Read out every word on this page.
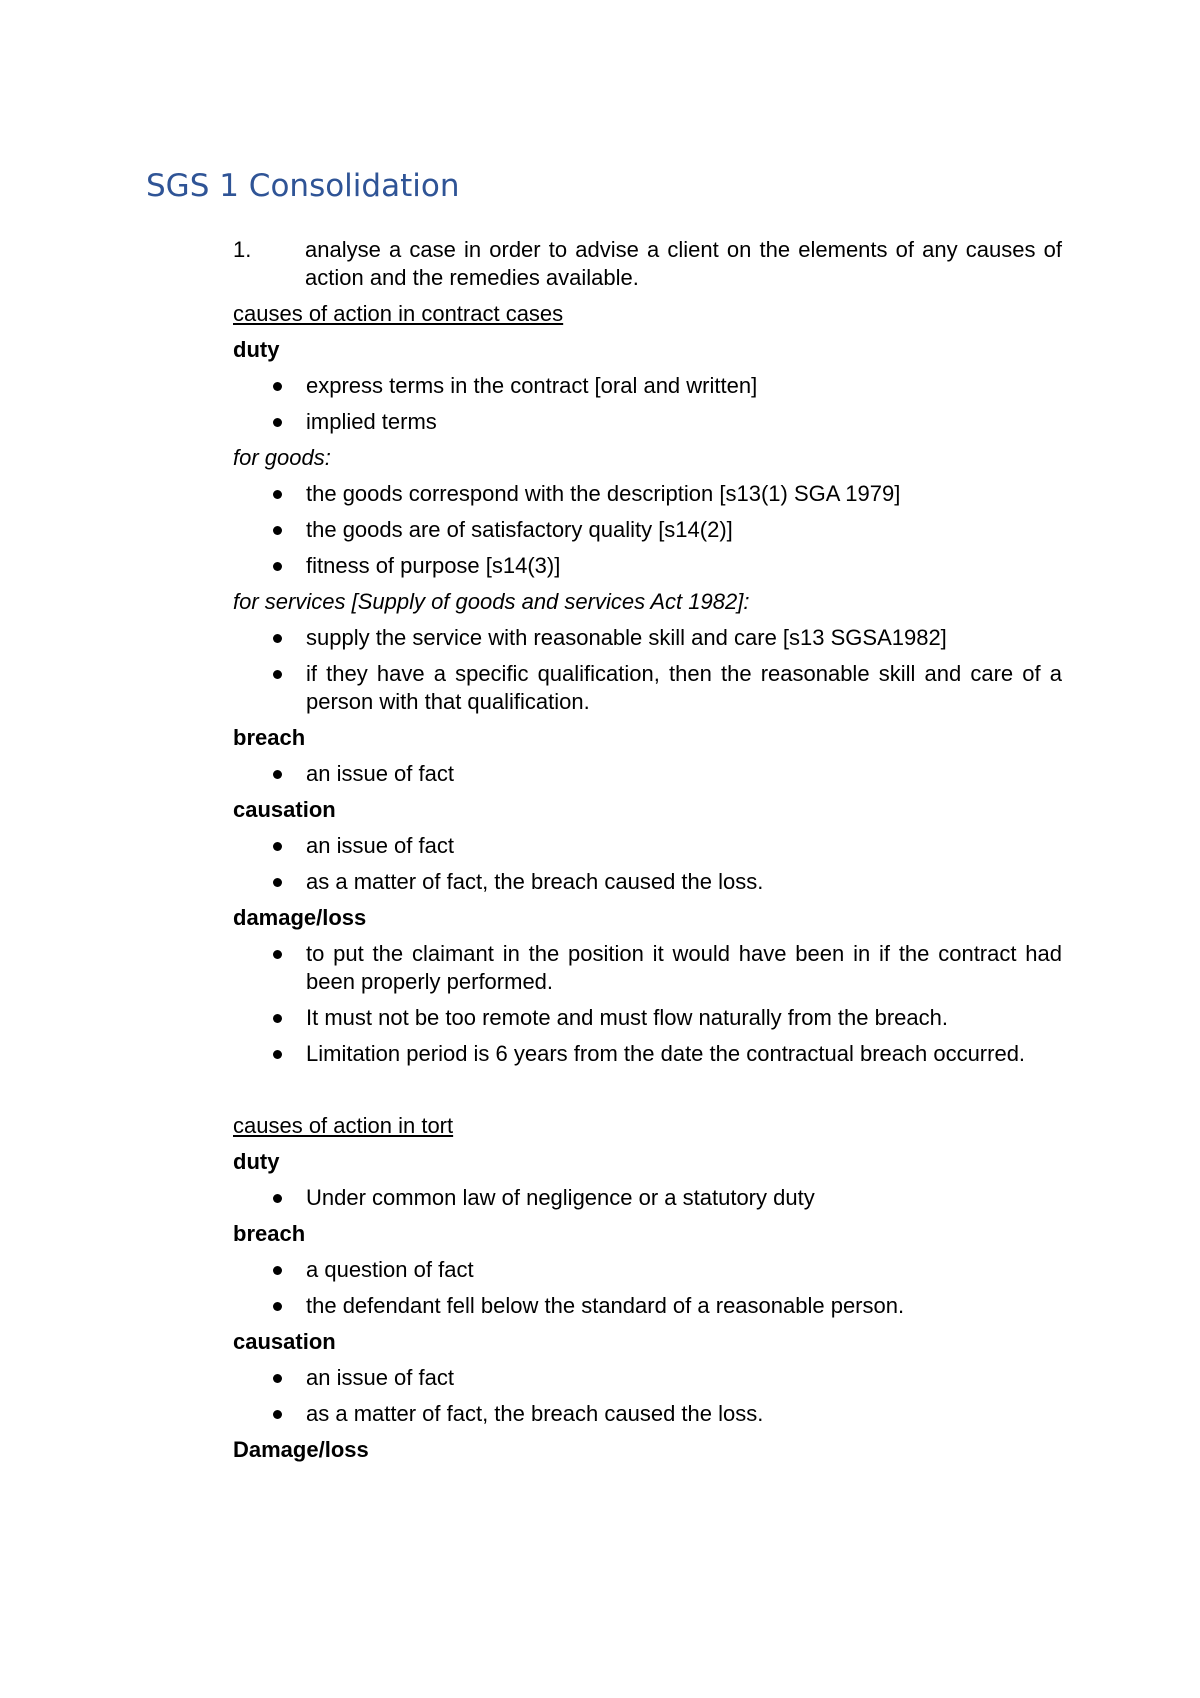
SGS 1 Consolidation
1. analyse a case in order to advise a client on the elements of any causes of action and the remedies available.
causes of action in contract cases
duty
express terms in the contract [oral and written]
implied terms
for goods:
the goods correspond with the description [s13(1) SGA 1979]
the goods are of satisfactory quality [s14(2)]
fitness of purpose [s14(3)]
for services [Supply of goods and services Act 1982]:
supply the service with reasonable skill and care [s13 SGSA1982]
if they have a specific qualification, then the reasonable skill and care of a person with that qualification.
breach
an issue of fact
causation
an issue of fact
as a matter of fact, the breach caused the loss.
damage/loss
to put the claimant in the position it would have been in if the contract had been properly performed.
It must not be too remote and must flow naturally from the breach.
Limitation period is 6 years from the date the contractual breach occurred.
causes of action in tort
duty
Under common law of negligence or a statutory duty
breach
a question of fact
the defendant fell below the standard of a reasonable person.
causation
an issue of fact
as a matter of fact, the breach caused the loss.
Damage/loss
